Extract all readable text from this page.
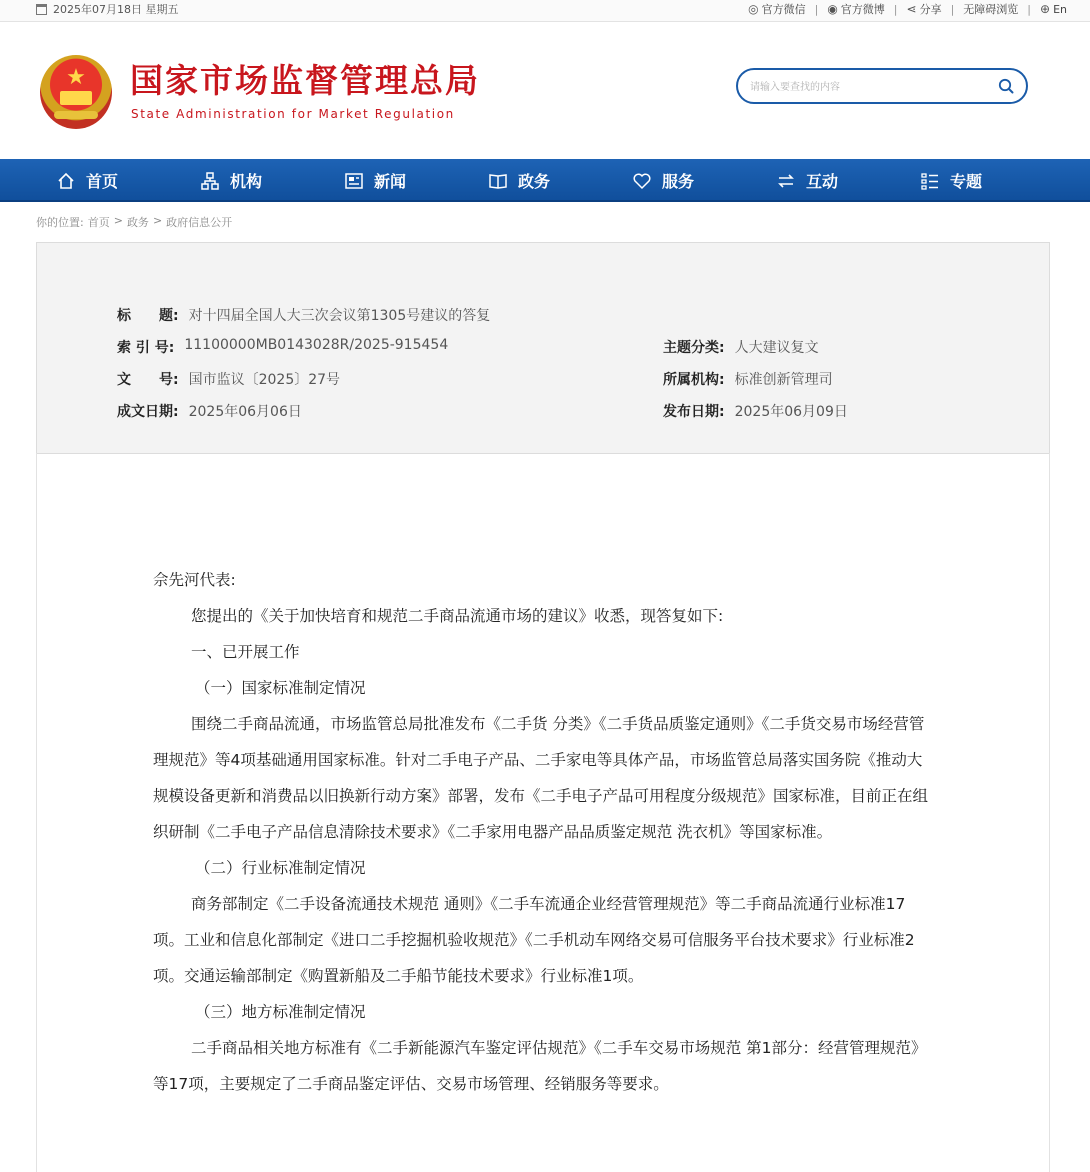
2025年07月18日 星期五	◎ 官方微信 | ◉ 官方微博 | ⋖ 分享 | 无障碍浏览 | ⊕ En
★	国家市场监督管理总局
State Administration for Market Regulation
请输入要查找的内容
首页	机构	新闻	政务	服务	互动	专题
你的位置: 首页 > 政务 > 政府信息公开
标　　题: 对十四届全国人大三次会议第1305号建议的答复
索 引 号: 11100000MB0143028R/2025-915454	主题分类: 人大建议复文
文　　号: 国市监议〔2025〕27号	所属机构: 标准创新管理司
成文日期: 2025年06月06日	发布日期: 2025年06月09日

佘先河代表:

您提出的《关于加快培育和规范二手商品流通市场的建议》收悉，现答复如下:

一、已开展工作

（一）国家标准制定情况

围绕二手商品流通，市场监管总局批准发布《二手货 分类》《二手货品质鉴定通则》《二手货交易市场经营管理规范》等4项基础通用国家标准。针对二手电子产品、二手家电等具体产品，市场监管总局落实国务院《推动大规模设备更新和消费品以旧换新行动方案》部署，发布《二手电子产品可用程度分级规范》国家标准，目前正在组织研制《二手电子产品信息清除技术要求》《二手家用电器产品品质鉴定规范 洗衣机》等国家标准。

（二）行业标准制定情况

商务部制定《二手设备流通技术规范 通则》《二手车流通企业经营管理规范》等二手商品流通行业标准17项。工业和信息化部制定《进口二手挖掘机验收规范》《二手机动车网络交易可信服务平台技术要求》行业标准2项。交通运输部制定《购置新船及二手船节能技术要求》行业标准1项。

（三）地方标准制定情况

二手商品相关地方标准有《二手新能源汽车鉴定评估规范》《二手车交易市场规范 第1部分：经营管理规范》等17项，主要规定了二手商品鉴定评估、交易市场管理、经销服务等要求。
